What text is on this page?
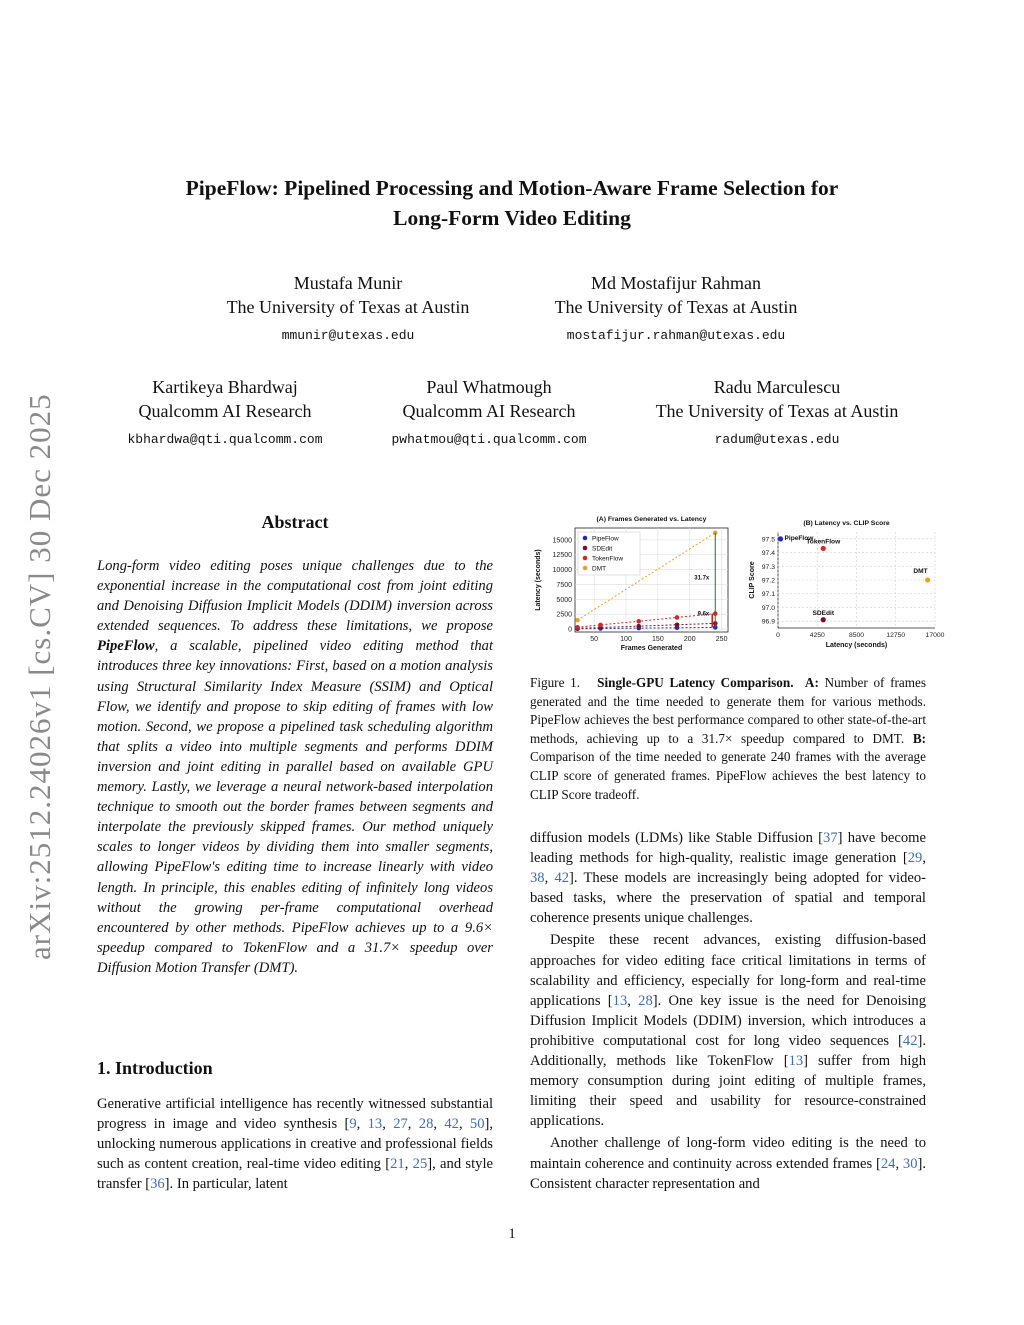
arXiv:2512.24026v1 [cs.CV] 30 Dec 2025
PipeFlow: Pipelined Processing and Motion-Aware Frame Selection for
Long-Form Video Editing
Mustafa Munir
The University of Texas at Austin
mmunir@utexas.edu
Md Mostafijur Rahman
The University of Texas at Austin
mostafijur.rahman@utexas.edu
Kartikeya Bhardwaj
Qualcomm AI Research
kbhardwa@qti.qualcomm.com
Paul Whatmough
Qualcomm AI Research
pwhatmou@qti.qualcomm.com
Radu Marculescu
The University of Texas at Austin
radum@utexas.edu
Abstract
Long-form video editing poses unique challenges due to the exponential increase in the computational cost from joint editing and Denoising Diffusion Implicit Models (DDIM) inversion across extended sequences. To address these limitations, we propose PipeFlow, a scalable, pipelined video editing method that introduces three key innovations: First, based on a motion analysis using Structural Similarity Index Measure (SSIM) and Optical Flow, we identify and propose to skip editing of frames with low motion. Second, we propose a pipelined task scheduling algorithm that splits a video into multiple segments and performs DDIM inversion and joint editing in parallel based on available GPU memory. Lastly, we leverage a neural network-based interpolation technique to smooth out the border frames between segments and interpolate the previously skipped frames. Our method uniquely scales to longer videos by dividing them into smaller segments, allowing PipeFlow's editing time to increase linearly with video length. In principle, this enables editing of infinitely long videos without the growing per-frame computational overhead encountered by other methods. PipeFlow achieves up to a 9.6× speedup compared to TokenFlow and a 31.7× speedup over Diffusion Motion Transfer (DMT).
1. Introduction
Generative artificial intelligence has recently witnessed substantial progress in image and video synthesis [9, 13, 27, 28, 42, 50], unlocking numerous applications in creative and professional fields such as content creation, real-time video editing [21, 25], and style transfer [36]. In particular, latent
0
2500
5000
7500
10000
12500
15000
50	100	150	200	250
(A) Frames Generated vs. Latency
Frames Generated
Latency (seconds)	31.7x
9.6x
PipeFlow
SDEdit
TokenFlow
DMT
96.9
97.0
97.1
97.2
97.3
97.4
97.5
0	4250	8500	12750	17000
(B) Latency vs. CLIP Score
Latency (seconds)
CLIP Score
PipeFlow
TokenFlow
SDEdit
DMT
Figure 1. Single-GPU Latency Comparison. A: Number of frames generated and the time needed to generate them for various methods. PipeFlow achieves the best performance compared to other state-of-the-art methods, achieving up to a 31.7× speedup compared to DMT. B: Comparison of the time needed to generate 240 frames with the average CLIP score of generated frames. PipeFlow achieves the best latency to CLIP Score tradeoff.

diffusion models (LDMs) like Stable Diffusion [37] have become leading methods for high-quality, realistic image generation [29, 38, 42]. These models are increasingly being adopted for video-based tasks, where the preservation of spatial and temporal coherence presents unique challenges.

Despite these recent advances, existing diffusion-based approaches for video editing face critical limitations in terms of scalability and efficiency, especially for long-form and real-time applications [13, 28]. One key issue is the need for Denoising Diffusion Implicit Models (DDIM) inversion, which introduces a prohibitive computational cost for long video sequences [42]. Additionally, methods like TokenFlow [13] suffer from high memory consumption during joint editing of multiple frames, limiting their speed and usability for resource-constrained applications.

Another challenge of long-form video editing is the need to maintain coherence and continuity across extended frames [24, 30]. Consistent character representation and

1
